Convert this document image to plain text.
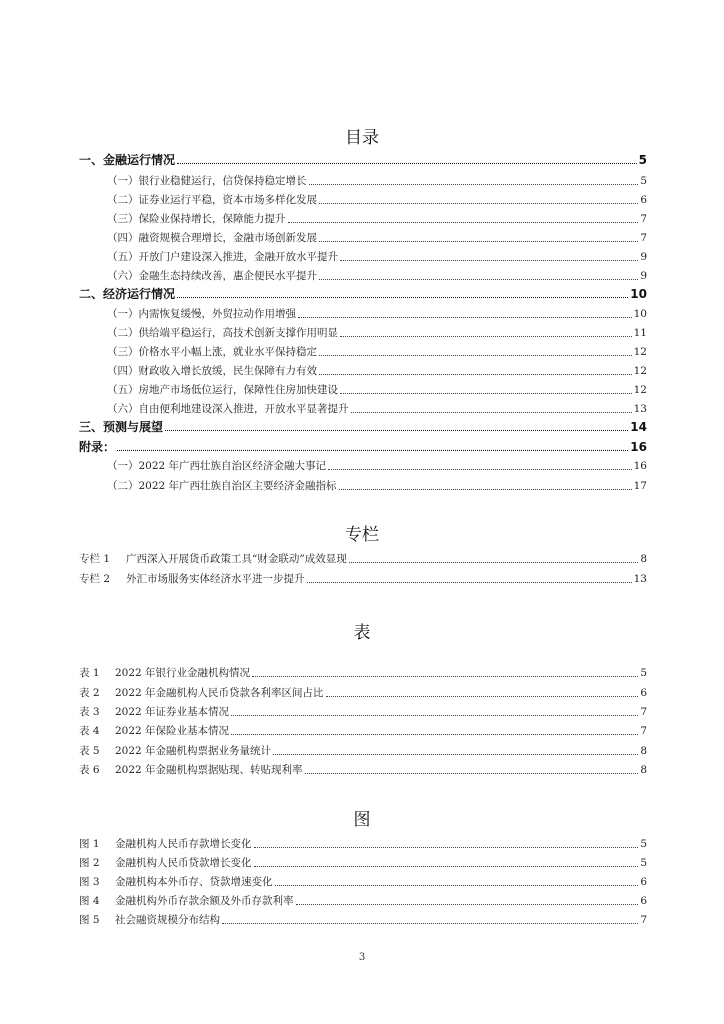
目录
一、金融运行情况	5
（一）银行业稳健运行，信贷保持稳定增长	5
（二）证券业运行平稳，资本市场多样化发展	6
（三）保险业保持增长，保障能力提升	7
（四）融资规模合理增长，金融市场创新发展	7
（五）开放门户建设深入推进，金融开放水平提升	9
（六）金融生态持续改善，惠企便民水平提升	9
二、经济运行情况	10
（一）内需恢复缓慢，外贸拉动作用增强	10
（二）供给端平稳运行，高技术创新支撑作用明显	11
（三）价格水平小幅上涨，就业水平保持稳定	12
（四）财政收入增长放缓，民生保障有力有效	12
（五）房地产市场低位运行，保障性住房加快建设	12
（六）自由便利地建设深入推进，开放水平显著提升	13
三、预测与展望	14
附录：	16
（一）2022 年广西壮族自治区经济金融大事记	16
（二）2022 年广西壮族自治区主要经济金融指标	17
专栏
专栏 1 广西深入开展货币政策工具“财金联动”成效显现	8
专栏 2 外汇市场服务实体经济水平进一步提升	13
表
表 1 2022 年银行业金融机构情况	5
表 2 2022 年金融机构人民币贷款各利率区间占比	6
表 3 2022 年证券业基本情况	7
表 4 2022 年保险业基本情况	7
表 5 2022 年金融机构票据业务量统计	8
表 6 2022 年金融机构票据贴现、转贴现利率	8
图
图 1 金融机构人民币存款增长变化	5
图 2 金融机构人民币贷款增长变化	5
图 3 金融机构本外币存、贷款增速变化	6
图 4 金融机构外币存款余额及外币存款利率	6
图 5 社会融资规模分布结构	7
3
